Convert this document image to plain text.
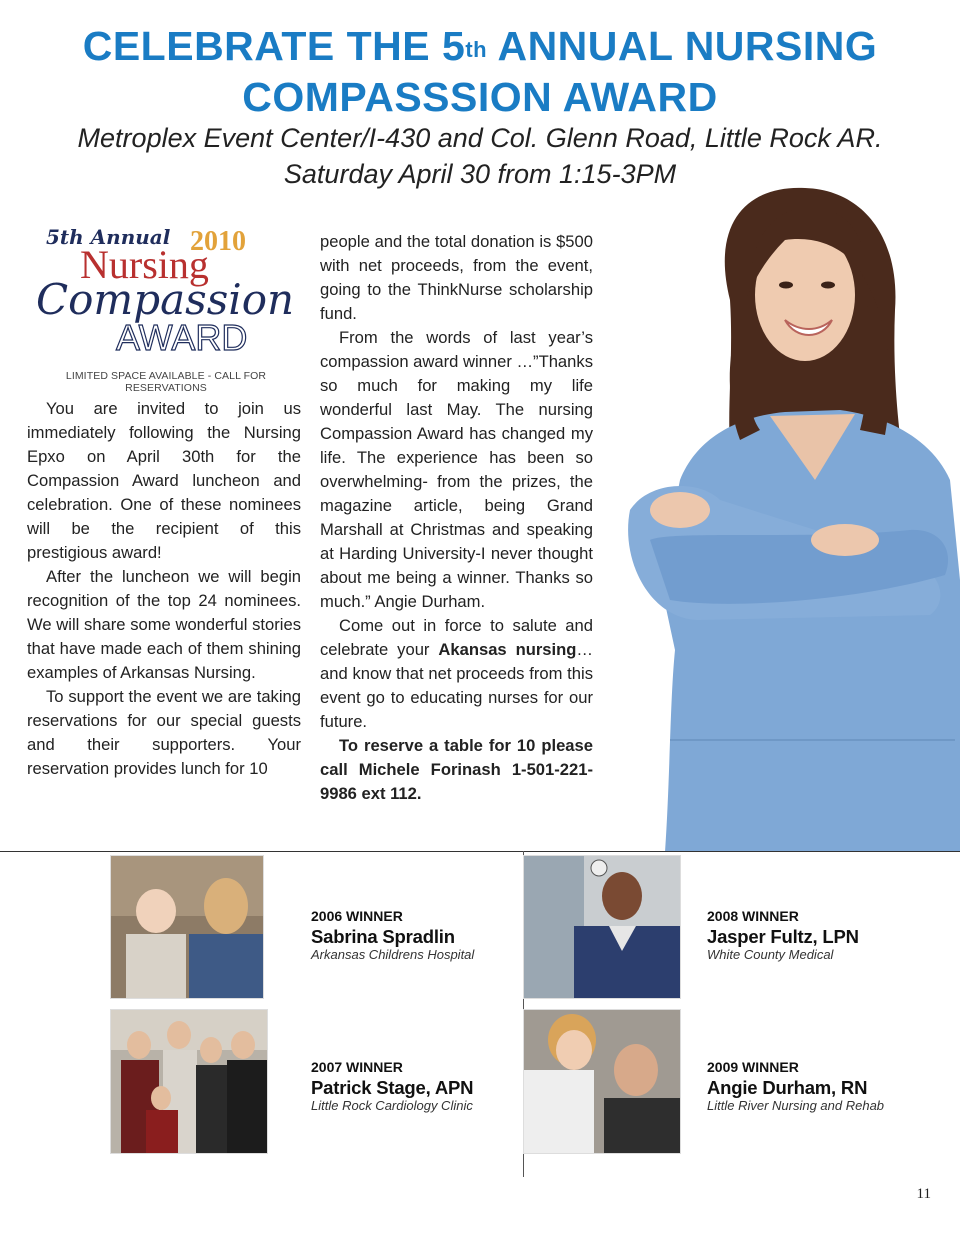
CELEBRATE THE 5th ANNUAL NURSING
COMPASSSION AWARD
Metroplex Event Center/I-430 and Col. Glenn Road, Little Rock AR.
Saturday April 30 from 1:15-3PM
5th Annual 2010
Nursing
Compassion
AWARD
LIMITED SPACE AVAILABLE - CALL FOR RESERVATIONS

You are invited to join us immediately following the Nursing Epxo on April 30th for the Compassion Award luncheon and celebration. One of these nominees will be the recipient of this prestigious award!

After the luncheon we will begin recognition of the top 24 nominees. We will share some wonderful stories that have made each of them shining examples of Arkansas Nursing.

To support the event we are taking reservations for our special guests and their supporters. Your reservation provides lunch for 10

people and the total donation is $500 with net proceeds, from the event, going to the ThinkNurse scholarship fund.

From the words of last year’s compassion award winner …”Thanks so much for making my life wonderful last May. The nursing Compassion Award has changed my life. The experience has been so overwhelming- from the prizes, the magazine article, being Grand Marshall at Christmas and speaking at Harding University-I never thought about me being a winner. Thanks so much.” Angie Durham.

Come out in force to salute and celebrate your Akansas nursing… and know that net proceeds from this event go to educating nurses for our future.

To reserve a table for 10 please call Michele Forinash 1-501-221-9986 ext 112.

2006 WINNER
Sabrina Spradlin
Arkansas Childrens Hospital
2008 WINNER
Jasper Fultz, LPN
White County Medical
2007 WINNER
Patrick Stage, APN
Little Rock Cardiology Clinic
2009 WINNER
Angie Durham, RN
Little River Nursing and Rehab
11
